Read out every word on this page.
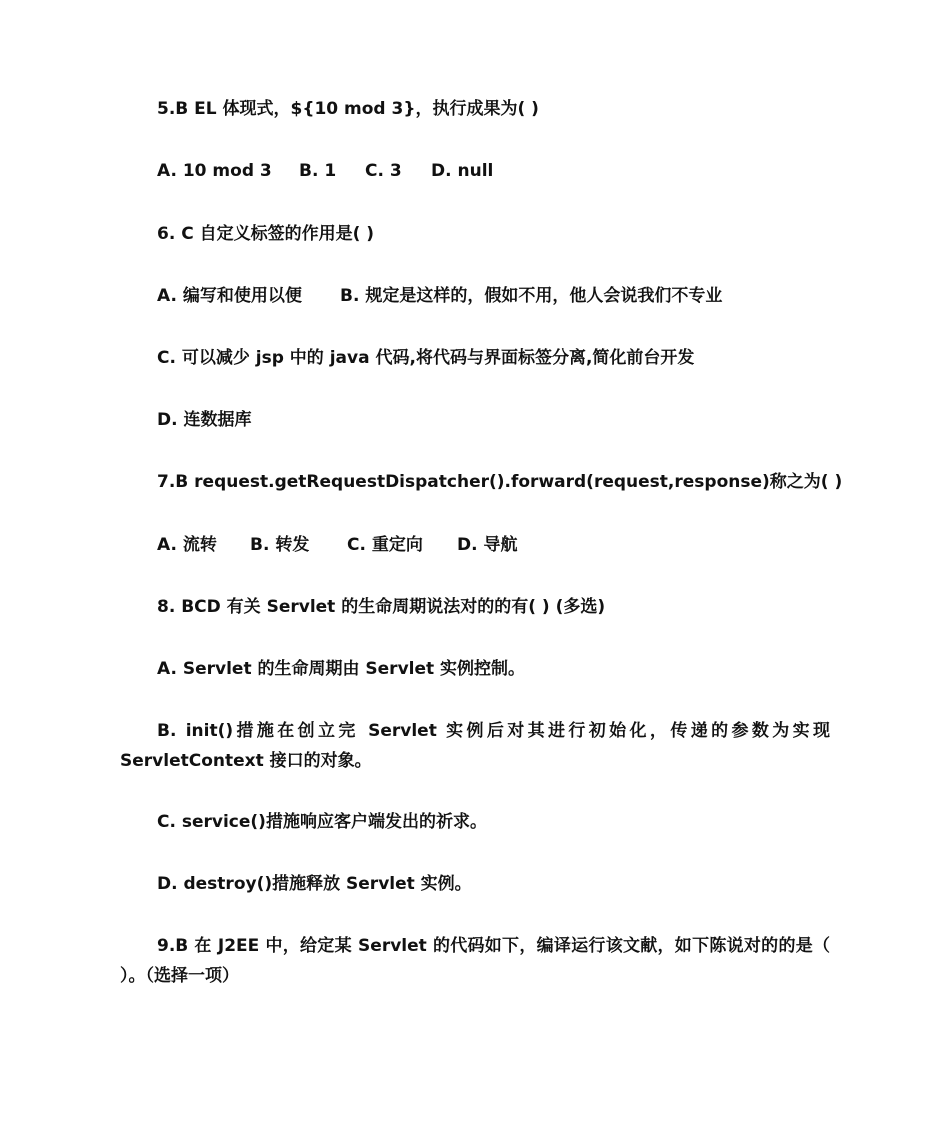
5.B EL 体现式，${10 mod 3}，执行成果为( )
A. 10 mod 3 B. 1 C. 3 D. null
6. C 自定义标签的作用是( )
A. 编写和使用以便 B. 规定是这样的，假如不用，他人会说我们不专业
C. 可以减少 jsp 中的 java 代码,将代码与界面标签分离,简化前台开发
D. 连数据库
7.B request.getRequestDispatcher().forward(request,response)称之为( )
A. 流转 B. 转发 C. 重定向 D. 导航
8. BCD 有关 Servlet 的生命周期说法对的的有( ) (多选)
A. Servlet 的生命周期由 Servlet 实例控制。
B. init()措施在创立完 Servlet 实例后对其进行初始化，传递的参数为实现 ServletContext 接口的对象。
C. service()措施响应客户端发出的祈求。
D. destroy()措施释放 Servlet 实例。
9.B 在 J2EE 中，给定某 Servlet 的代码如下，编译运行该文献，如下陈说对的的是（ ）。（选择一项）
